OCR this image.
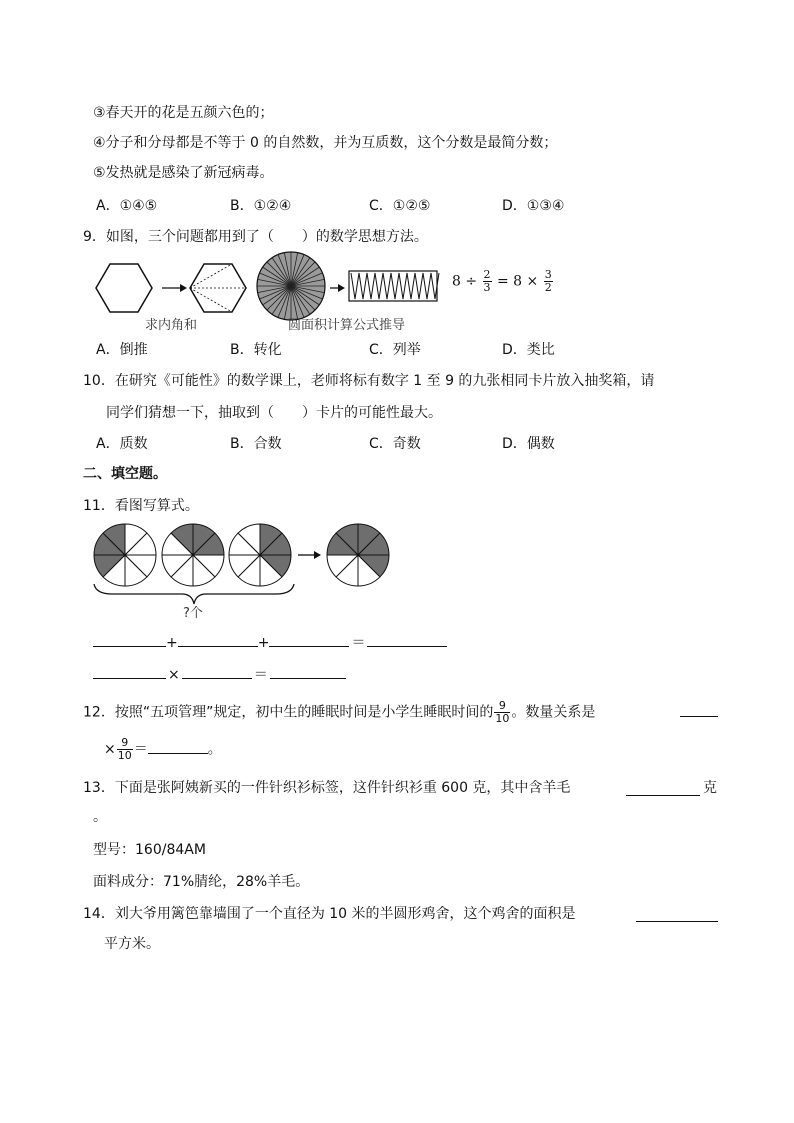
③春天开的花是五颜六色的；
④分子和分母都是不等于 0 的自然数，并为互质数，这个分数是最简分数；
⑤发热就是感染了新冠病毒。
A．①④⑤	B．①②④	C．①②⑤	D．①③④
9．如图，三个问题都用到了（　　）的数学思想方法。
$8 \div \frac{2}{3} = 8 \times \frac{3}{2}$
求内角和	圆面积计算公式推导
A．倒推	B．转化	C．列举	D．类比
10．在研究《可能性》的数学课上，老师将标有数字 1 至 9 的九张相同卡片放入抽奖箱，请
同学们猜想一下，抽取到（　　）卡片的可能性最大。
A．质数	B．合数	C．奇数	D．偶数
二、填空题。
11．看图写算式。
?个
+	+	＝
×	＝
12．按照“五项管理”规定，初中生的睡眠时间是小学生睡眠时间的 $\frac{9}{10}$ 。数量关系是
× $\frac{9}{10}$ ＝	。
13．下面是张阿姨新买的一件针织衫标签，这件针织衫重 600 克，其中含羊毛	克
。
型号：160/84AM
面料成分：71%腈纶，28%羊毛。
14．刘大爷用篱笆靠墙围了一个直径为 10 米的半圆形鸡舍，这个鸡舍的面积是
平方米。
